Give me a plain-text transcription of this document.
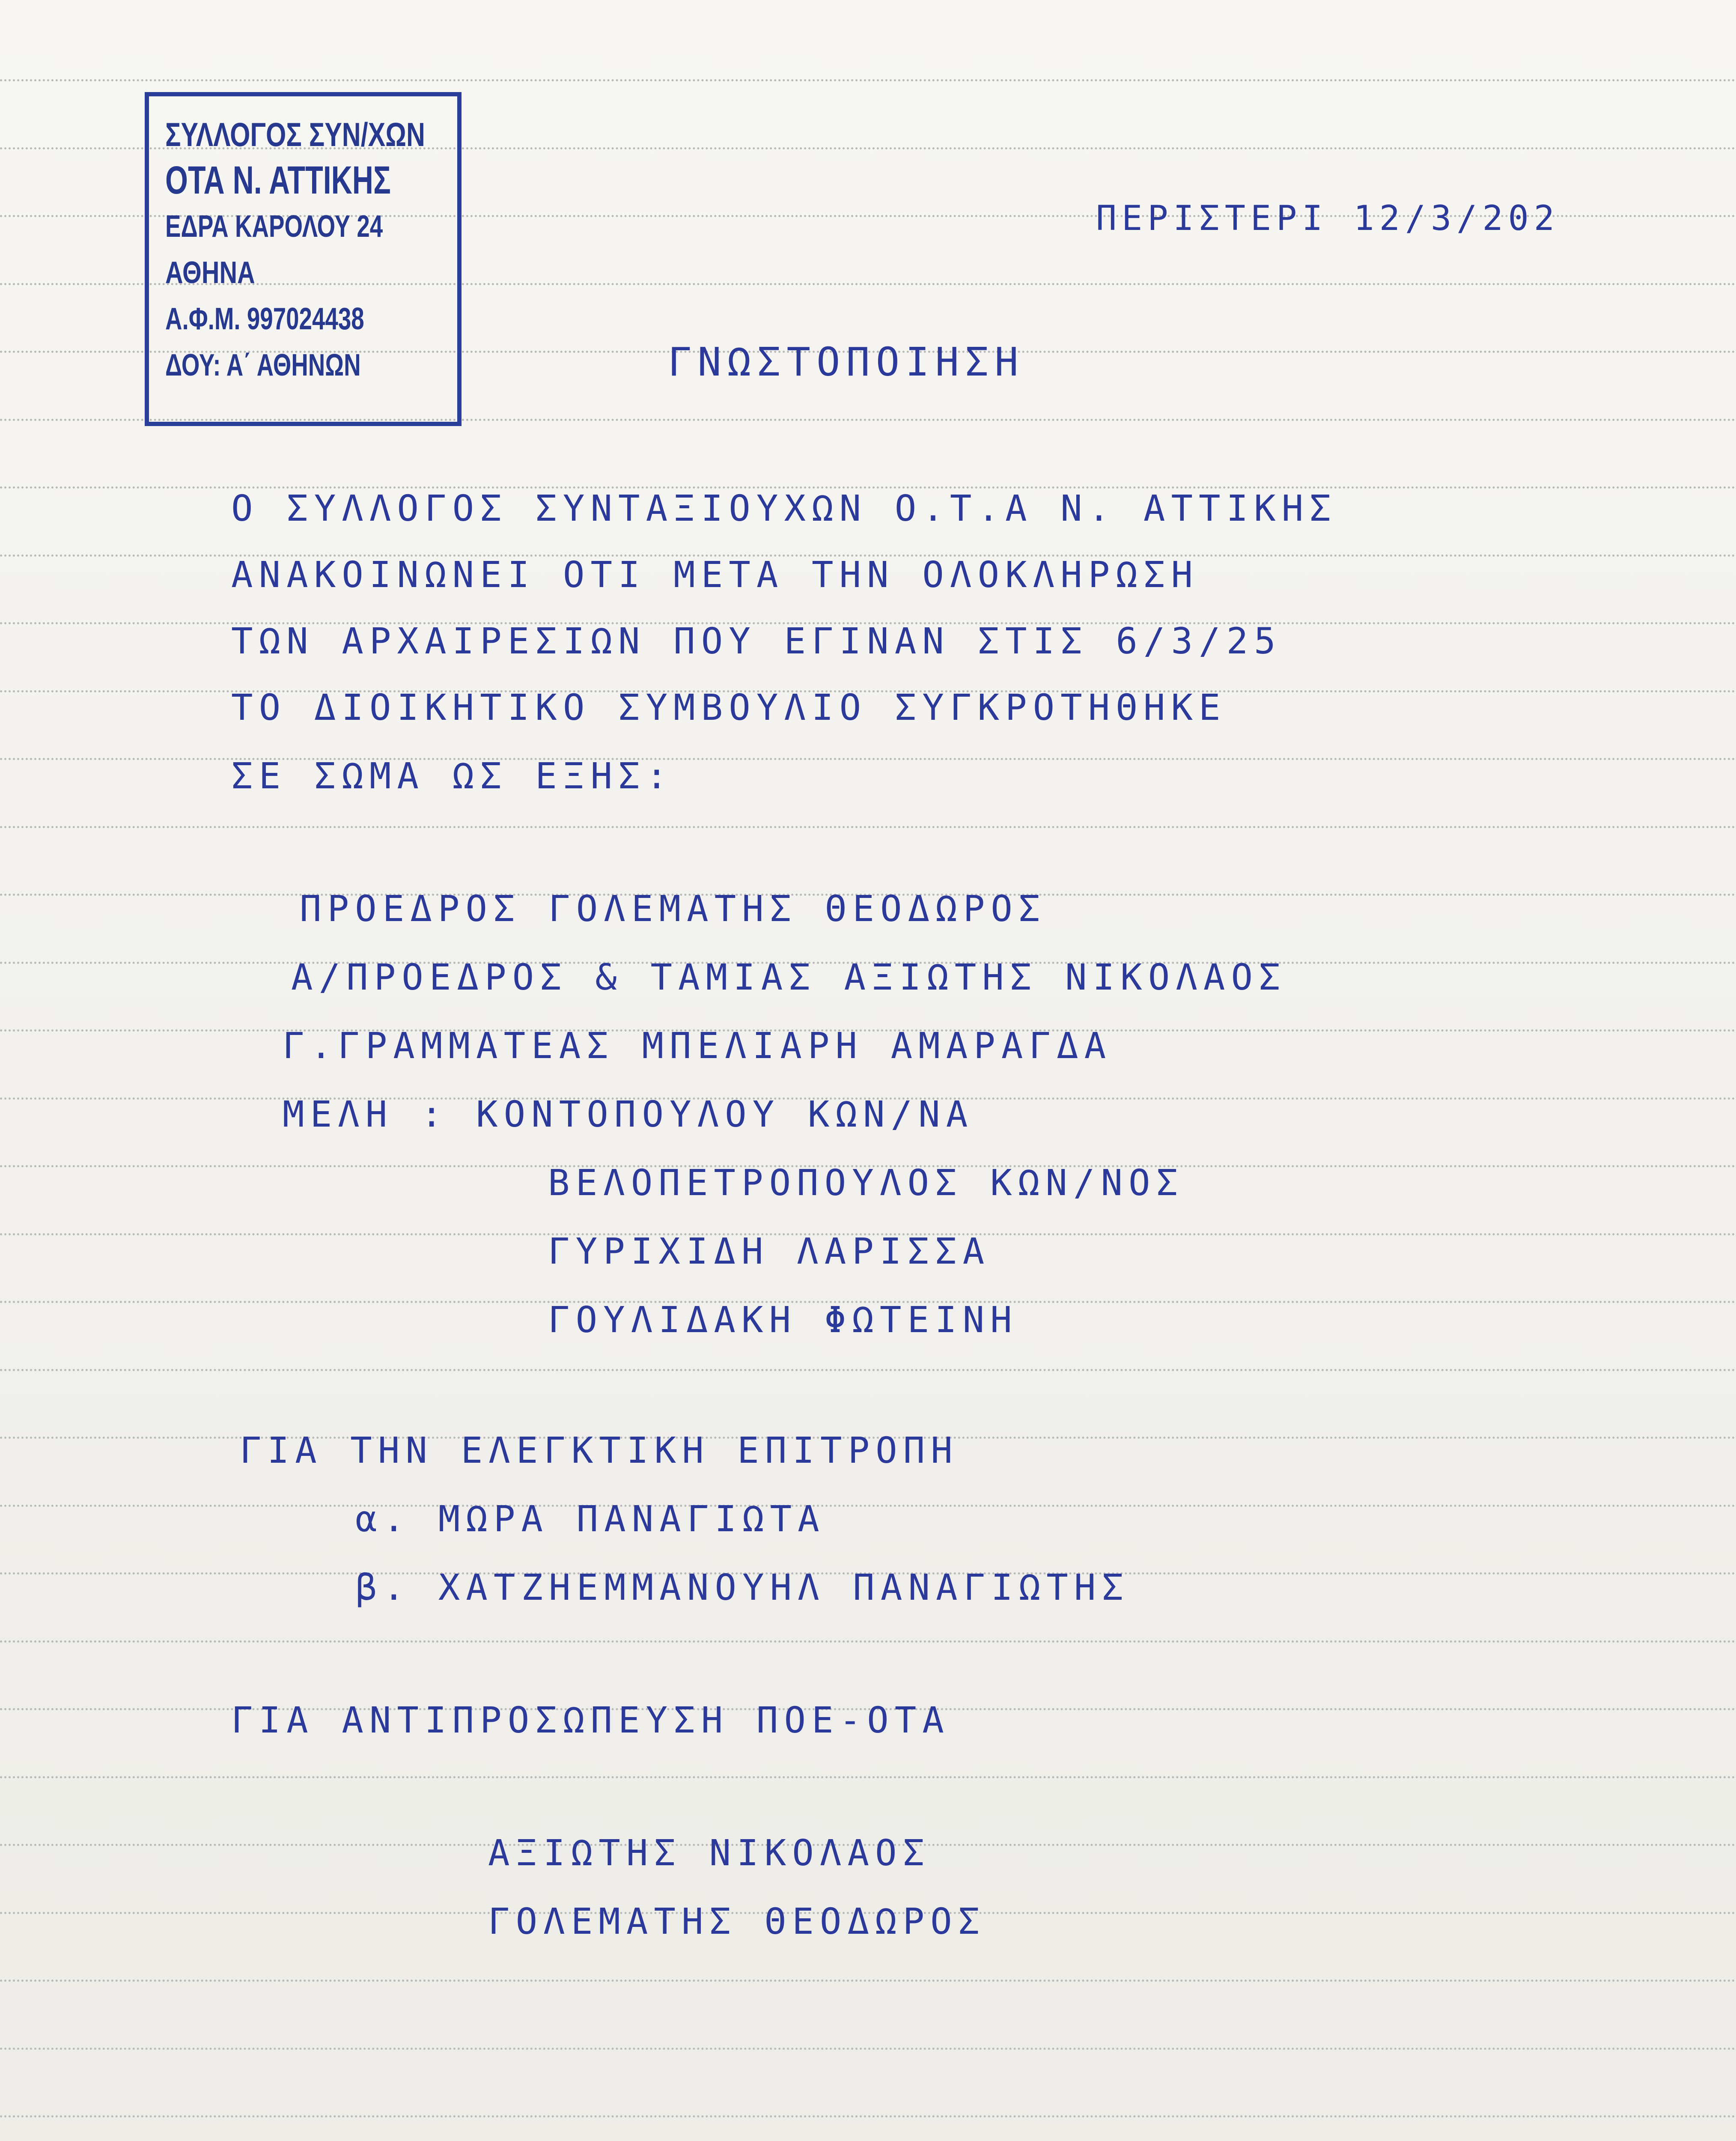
ΣΥΛΛΟΓΟΣ ΣΥΝ/ΧΩΝ
ΟΤΑ Ν. ΑΤΤΙΚΗΣ
ΕΔΡΑ ΚΑΡΟΛΟΥ 24
ΑΘΗΝΑ
Α.Φ.Μ. 997024438
ΔΟΥ: Α΄ ΑΘΗΝΩΝ
ΠΕΡΙΣΤΕΡΙ 12/3/202
ΓΝΩΣΤΟΠΟΙΗΣΗ
Ο ΣΥΛΛΟΓΟΣ ΣΥΝΤΑΞΙΟΥΧΩΝ Ο.Τ.Α Ν. ΑΤΤΙΚΗΣ
ΑΝΑΚΟΙΝΩΝΕΙ ΟΤΙ ΜΕΤΑ ΤΗΝ ΟΛΟΚΛΗΡΩΣΗ
ΤΩΝ ΑΡΧΑΙΡΕΣΙΩΝ ΠΟΥ ΕΓΙΝΑΝ ΣΤΙΣ 6/3/25
ΤΟ ΔΙΟΙΚΗΤΙΚΟ ΣΥΜΒΟΥΛΙΟ ΣΥΓΚΡΟΤΗΘΗΚΕ
ΣΕ ΣΩΜΑ ΩΣ ΕΞΗΣ:
ΠΡΟΕΔΡΟΣ ΓΟΛΕΜΑΤΗΣ ΘΕΟΔΩΡΟΣ
Α/ΠΡΟΕΔΡΟΣ & ΤΑΜΙΑΣ ΑΞΙΩΤΗΣ ΝΙΚΟΛΑΟΣ
Γ.ΓΡΑΜΜΑΤΕΑΣ ΜΠΕΛΙΑΡΗ ΑΜΑΡΑΓΔΑ
ΜΕΛΗ : ΚΟΝΤΟΠΟΥΛΟΥ ΚΩΝ/ΝΑ
ΒΕΛΟΠΕΤΡΟΠΟΥΛΟΣ ΚΩΝ/ΝΟΣ
ΓΥΡΙΧΙΔΗ ΛΑΡΙΣΣΑ
ΓΟΥΛΙΔΑΚΗ ΦΩΤΕΙΝΗ
ΓΙΑ ΤΗΝ ΕΛΕΓΚΤΙΚΗ ΕΠΙΤΡΟΠΗ
α. ΜΩΡΑ ΠΑΝΑΓΙΩΤΑ
β. ΧΑΤΖΗΕΜΜΑΝΟΥΗΛ ΠΑΝΑΓΙΩΤΗΣ
ΓΙΑ ΑΝΤΙΠΡΟΣΩΠΕΥΣΗ ΠΟΕ-ΟΤΑ
ΑΞΙΩΤΗΣ ΝΙΚΟΛΑΟΣ
ΓΟΛΕΜΑΤΗΣ ΘΕΟΔΩΡΟΣ
